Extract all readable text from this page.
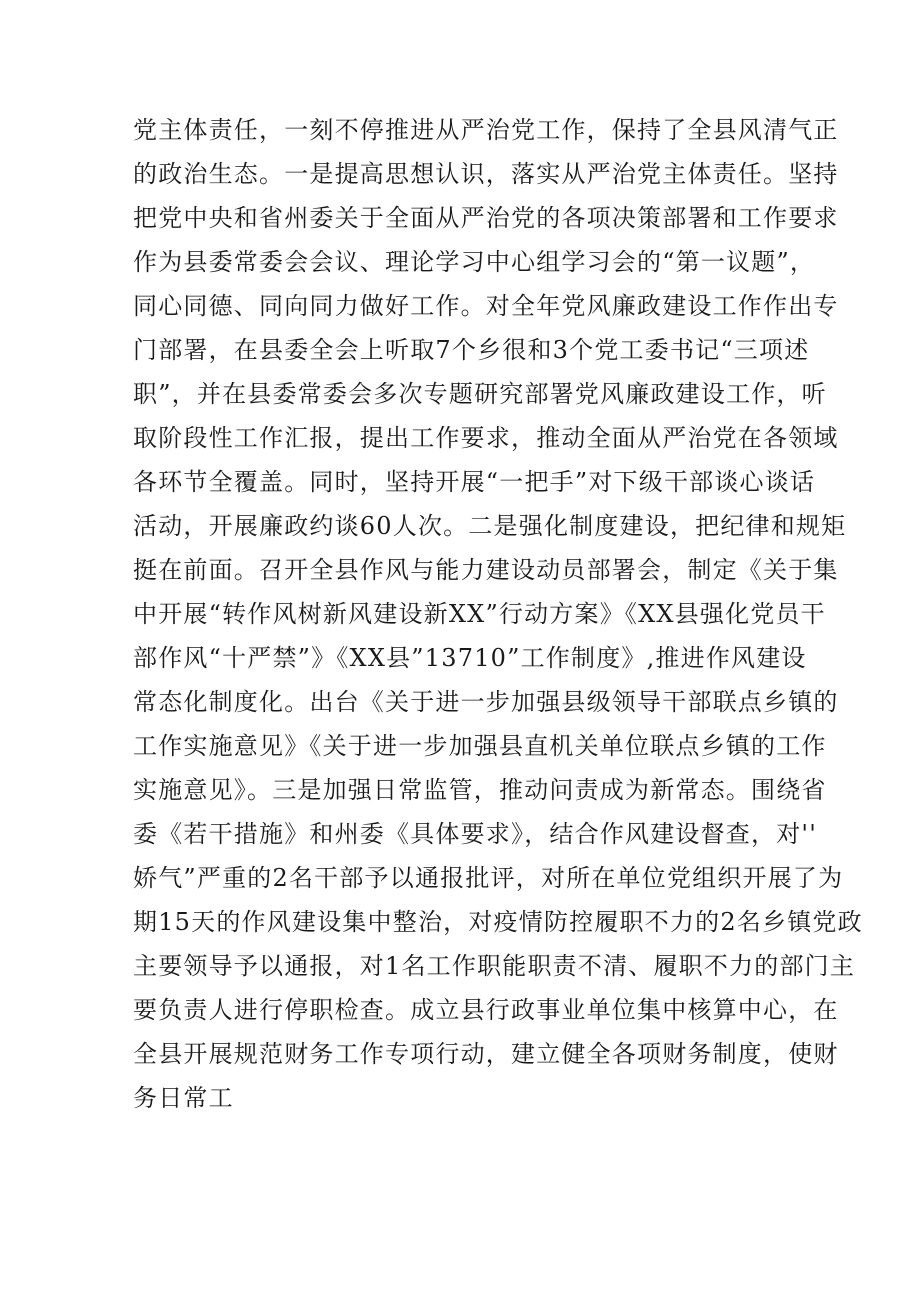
党主体责任，一刻不停推进从严治党工作，保持了全县风清气正
的政治生态。一是提高思想认识，落实从严治党主体责任。坚持
把党中央和省州委关于全面从严治党的各项决策部署和工作要求
作为县委常委会会议、理论学习中心组学习会的“第一议题”，
同心同德、同向同力做好工作。对全年党风廉政建设工作作出专
门部署，在县委全会上听取7个乡很和3个党工委书记“三项述
职”，并在县委常委会多次专题研究部署党风廉政建设工作，听
取阶段性工作汇报，提出工作要求，推动全面从严治党在各领域
各环节全覆盖。同时，坚持开展“一把手”对下级干部谈心谈话
活动，开展廉政约谈60人次。二是强化制度建设，把纪律和规矩
挺在前面。召开全县作风与能力建设动员部署会，制定《关于集
中开展“转作风树新风建设新XX”行动方案》《XX县强化党员干
部作风“十严禁”》《XX县”13710”工作制度》,推进作风建设
常态化制度化。出台《关于进一步加强县级领导干部联点乡镇的
工作实施意见》《关于进一步加强县直机关单位联点乡镇的工作
实施意见》。三是加强日常监管，推动问责成为新常态。围绕省
委《若干措施》和州委《具体要求》，结合作风建设督查，对''
娇气”严重的2名干部予以通报批评，对所在单位党组织开展了为
期15天的作风建设集中整治，对疫情防控履职不力的2名乡镇党政
主要领导予以通报，对1名工作职能职责不清、履职不力的部门主
要负责人进行停职检查。成立县行政事业单位集中核算中心，在
全县开展规范财务工作专项行动，建立健全各项财务制度，使财
务日常工
